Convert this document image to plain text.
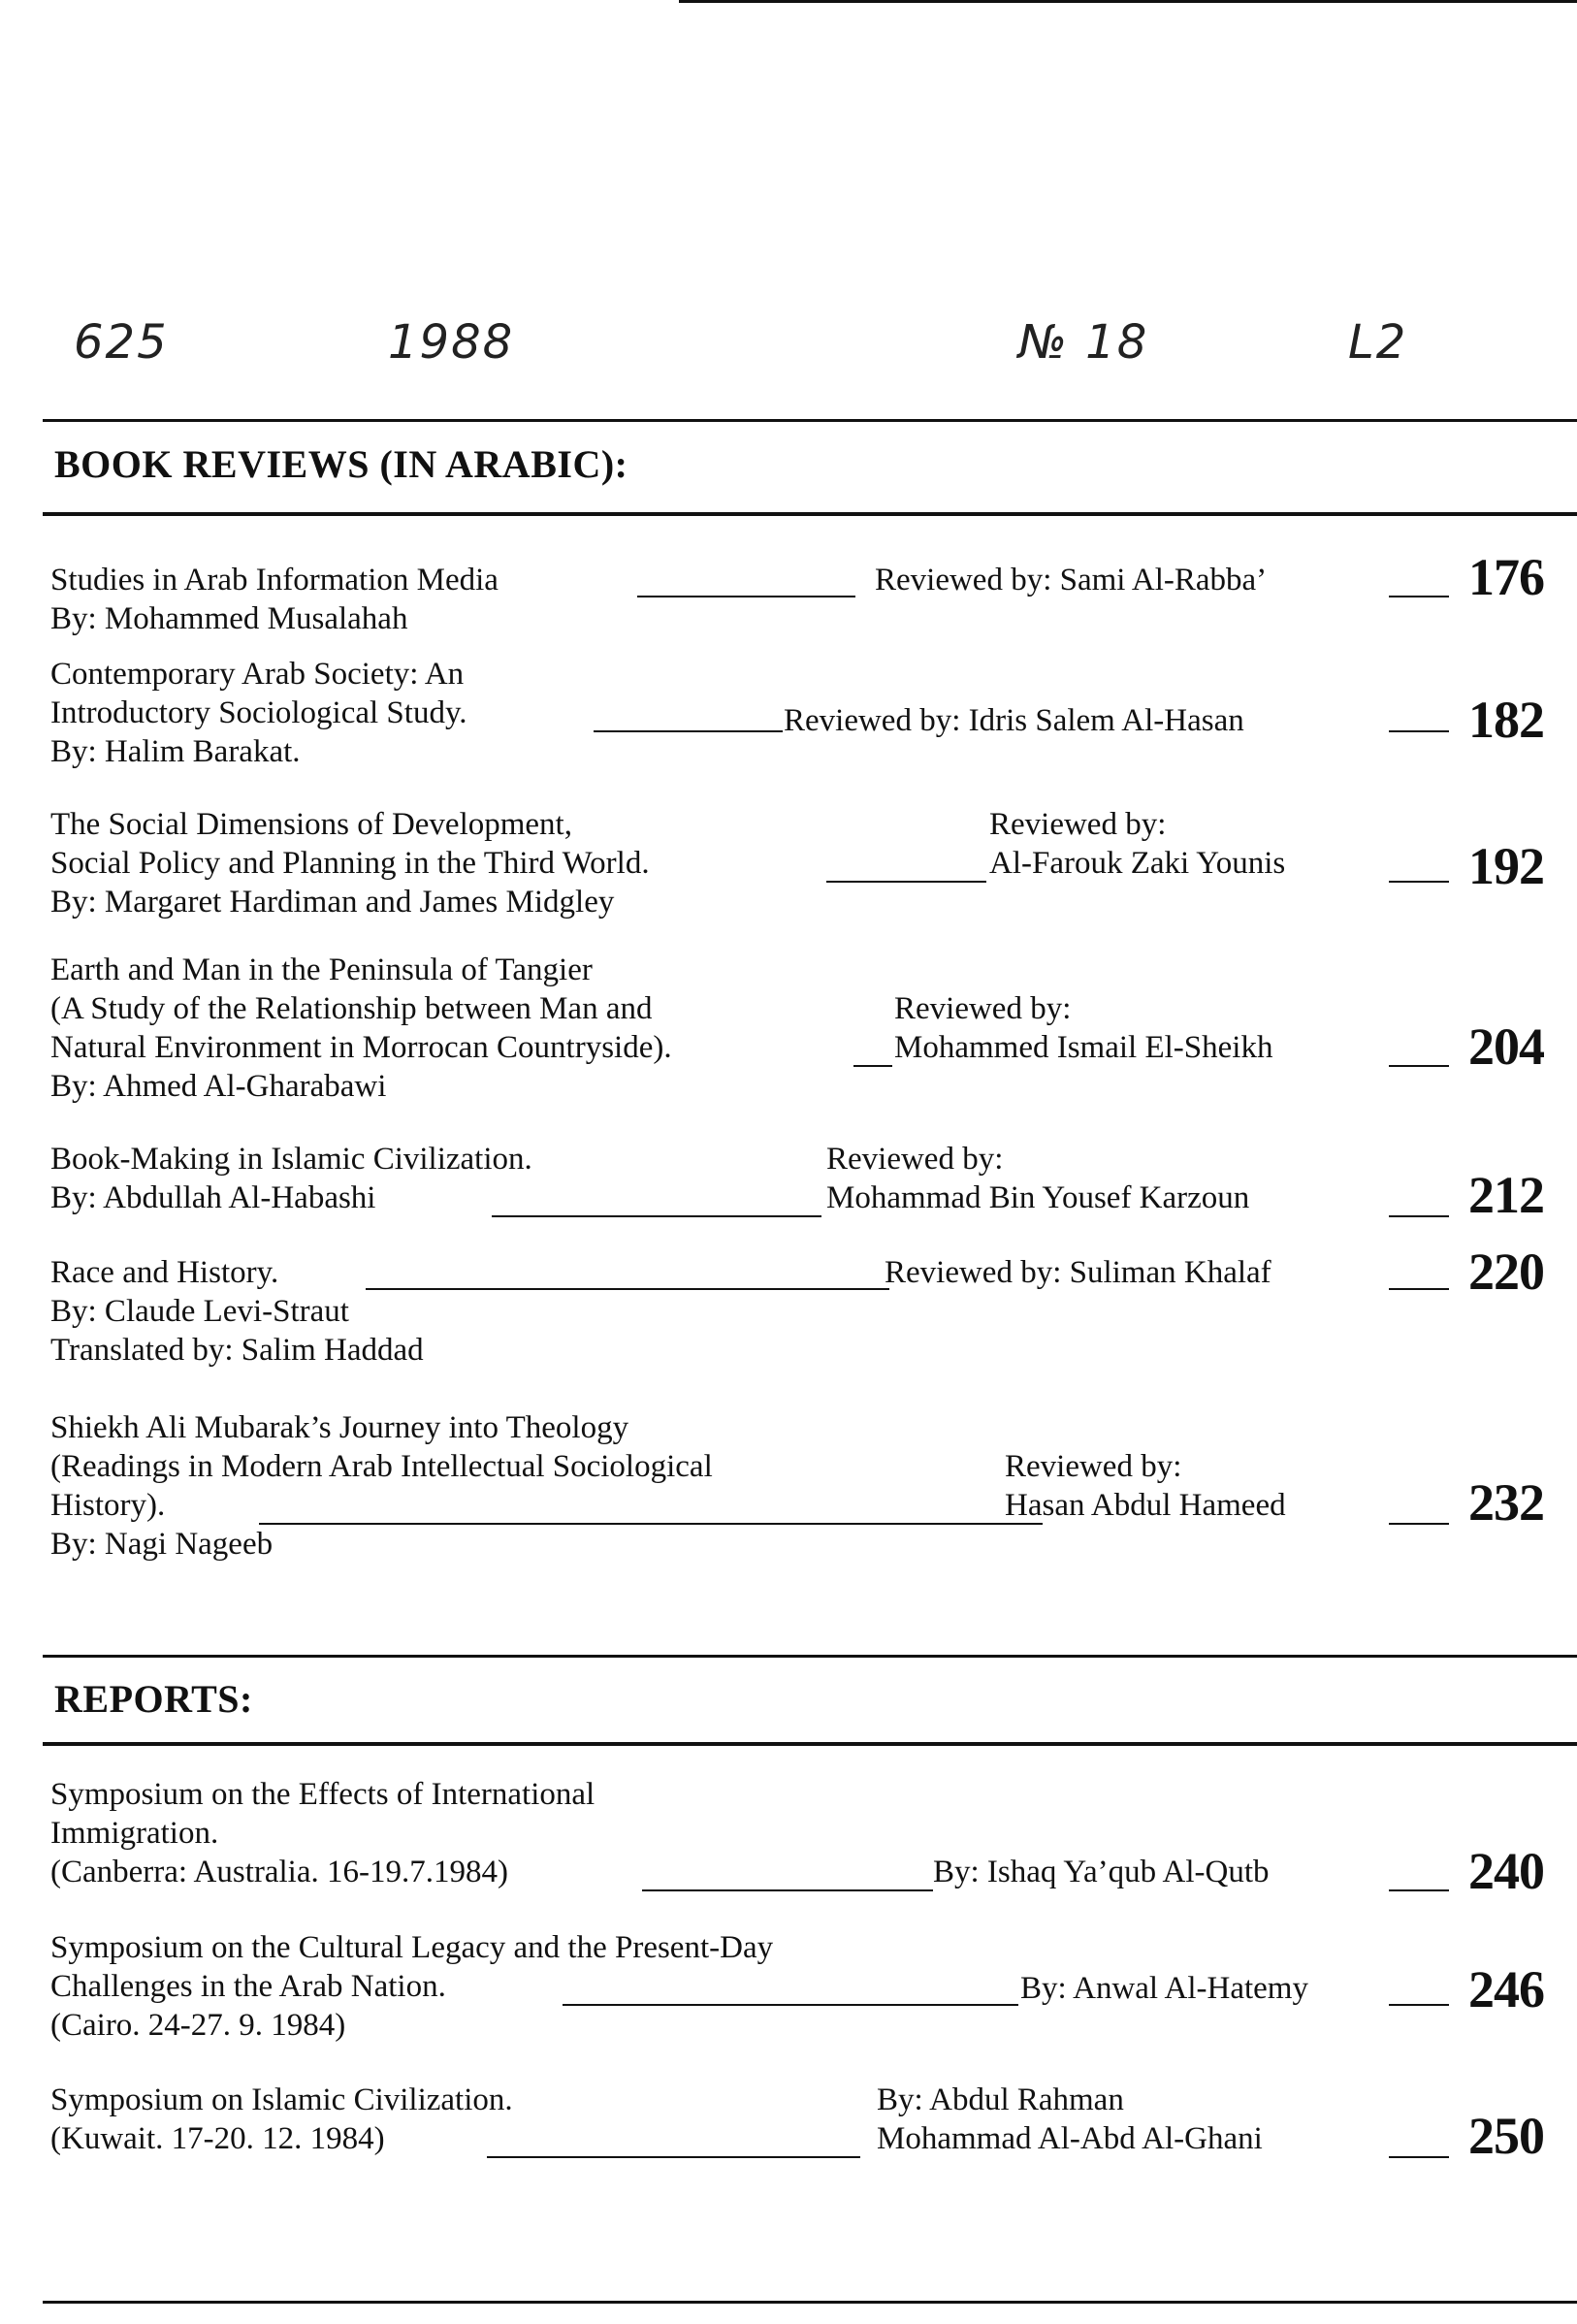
625	1988	№ 18	L2
BOOK REVIEWS (IN ARABIC):
Studies in Arab Information Media
By: Mohammed Musalahah
Reviewed by: Sami Al-Rabba’	176
Contemporary Arab Society: An
Introductory Sociological Study.
By: Halim Barakat.
Reviewed by: Idris Salem Al-Hasan	182
The Social Dimensions of Development,
Social Policy and Planning in the Third World.
By: Margaret Hardiman and James Midgley
Reviewed by:
Al-Farouk Zaki Younis	192
Earth and Man in the Peninsula of Tangier
(A Study of the Relationship between Man and
Natural Environment in Morrocan Countryside).
By: Ahmed Al-Gharabawi
Reviewed by:
Mohammed Ismail El-Sheikh	204
Book-Making in Islamic Civilization.
By: Abdullah Al-Habashi
Reviewed by:
Mohammad Bin Yousef Karzoun	212
Race and History.
By: Claude Levi-Straut
Translated by: Salim Haddad
Reviewed by: Suliman Khalaf	220
Shiekh Ali Mubarak’s Journey into Theology
(Readings in Modern Arab Intellectual Sociological
History).
By: Nagi Nageeb
Reviewed by:
Hasan Abdul Hameed	232
REPORTS:
Symposium on the Effects of International
Immigration.
(Canberra: Australia. 16-19.7.1984)	By: Ishaq Ya’qub Al-Qutb	240
Symposium on the Cultural Legacy and the Present-Day
Challenges in the Arab Nation.
(Cairo. 24-27. 9. 1984)
By: Anwal Al-Hatemy	246
Symposium on Islamic Civilization.
(Kuwait. 17-20. 12. 1984)
By: Abdul Rahman
Mohammad Al-Abd Al-Ghani	250
